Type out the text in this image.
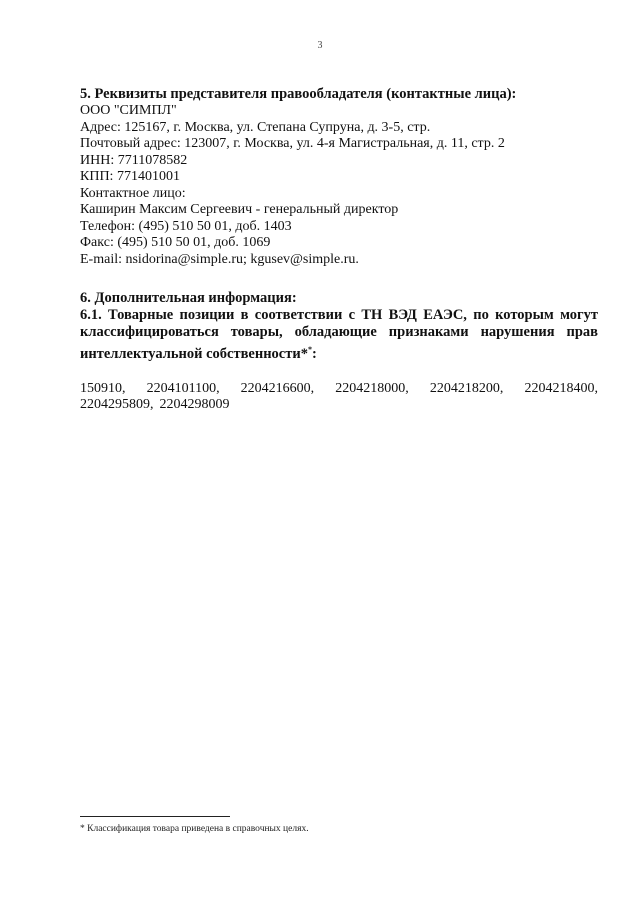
3

5. Реквизиты представителя правообладателя (контактные лица):

ООО "СИМПЛ"

Адрес: 125167, г. Москва, ул. Степана Супруна, д. 3-5, стр.

Почтовый адрес: 123007, г. Москва, ул. 4-я Магистральная, д. 11, стр. 2

ИНН: 7711078582

КПП: 771401001

Контактное лицо:

Каширин Максим Сергеевич - генеральный директор

Телефон: (495) 510 50 01, доб. 1403

Факс: (495) 510 50 01, доб. 1069

E-mail: nsidorina@simple.ru; kgusev@simple.ru.

6. Дополнительная информация:

6.1. Товарные позиции в соответствии с ТН ВЭД ЕАЭС, по которым могут классифицироваться товары, обладающие признаками нарушения прав интеллектуальной собственности**:

150910, 2204101100, 2204216600, 2204218000, 2204218200, 2204218400,
2204295809, 2204298009
* Классификация товара приведена в справочных целях.
